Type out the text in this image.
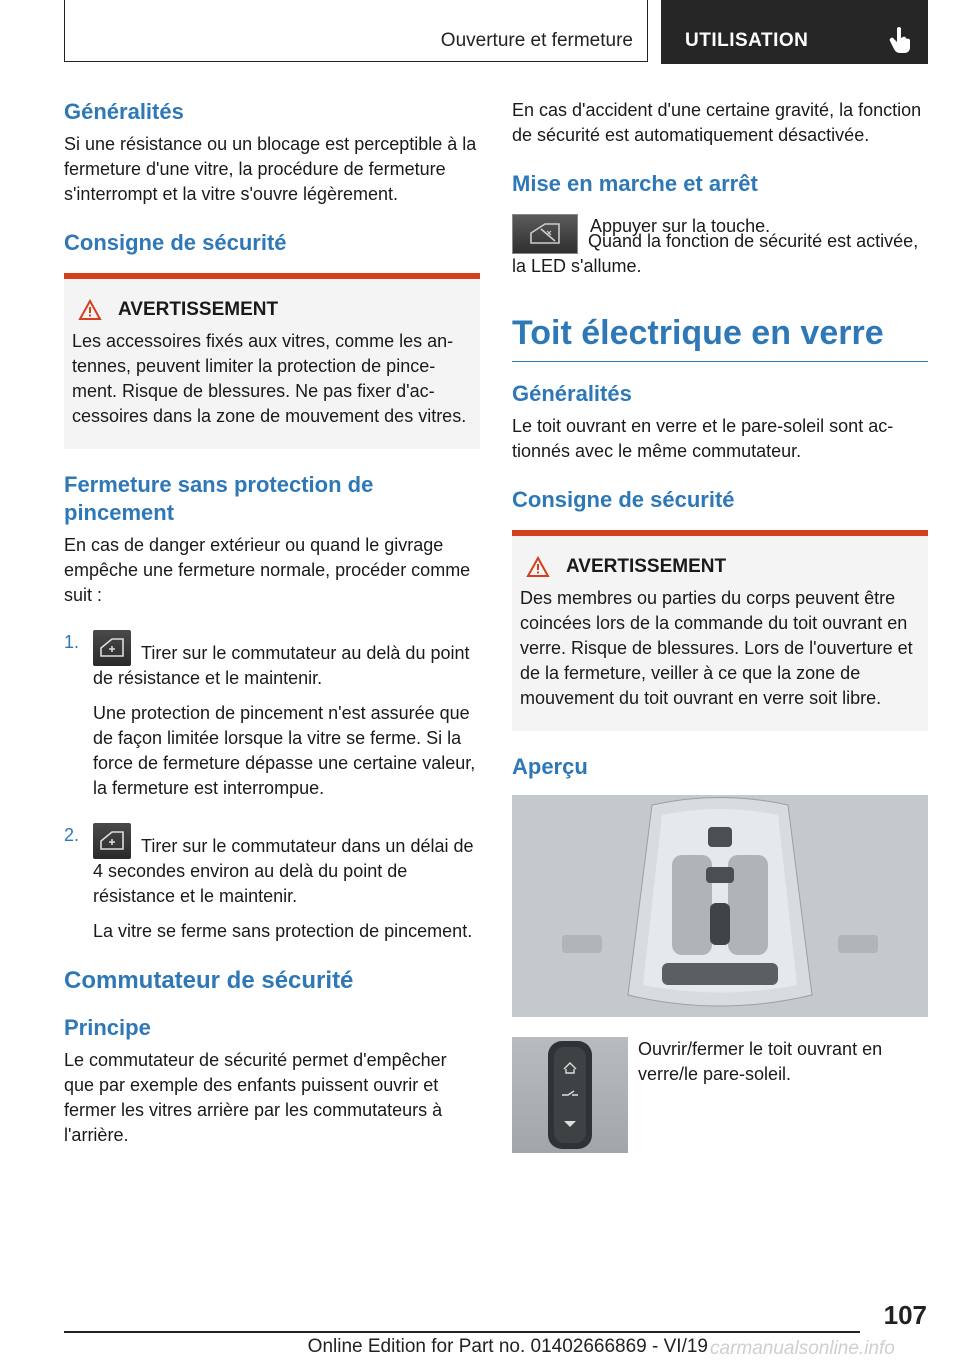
Ouverture et fermeture	UTILISATION
Généralités

Si une résistance ou un blocage est perceptible à la fermeture d'une vitre, la procédure de fermeture s'interrompt et la vitre s'ouvre légèrement.

Consigne de sécurité
AVERTISSEMENT

Les accessoires fixés aux vitres, comme les antennes, peuvent limiter la protection de pincement. Risque de blessures. Ne pas fixer d'accessoires dans la zone de mouvement des vitres.

Fermeture sans protection de pincement

En cas de danger extérieur ou quand le givrage empêche une fermeture normale, procéder comme suit :

1.

Tirer sur le commutateur au delà du point de résistance et le maintenir.

Une protection de pincement n'est assurée que de façon limitée lorsque la vitre se ferme. Si la force de fermeture dépasse une certaine valeur, la fermeture est interrompue.

2.

Tirer sur le commutateur dans un délai de 4 secondes environ au delà du point de résistance et le maintenir.

La vitre se ferme sans protection de pincement.

Commutateur de sécurité
Principe

Le commutateur de sécurité permet d'empêcher que par exemple des enfants puissent ouvrir et fermer les vitres arrière par les commutateurs à l'arrière.

En cas d'accident d'une certaine gravité, la fonction de sécurité est automatiquement désactivée.

Mise en marche et arrêt

Appuyer sur la touche.

Quand la fonction de sécurité est activée, la LED s'allume.

Toit électrique en verre
Généralités

Le toit ouvrant en verre et le pare-soleil sont actionnés avec le même commutateur.

Consigne de sécurité
AVERTISSEMENT

Des membres ou parties du corps peuvent être coincées lors de la commande du toit ouvrant en verre. Risque de blessures. Lors de l'ouverture et de la fermeture, veiller à ce que la zone de mouvement du toit ouvrant en verre soit libre.

Aperçu

Ouvrir/fermer le toit ouvrant en verre/le pare-soleil.

107
Online Edition for Part no. 01402666869 - VI/19 carmanualsonline.info
